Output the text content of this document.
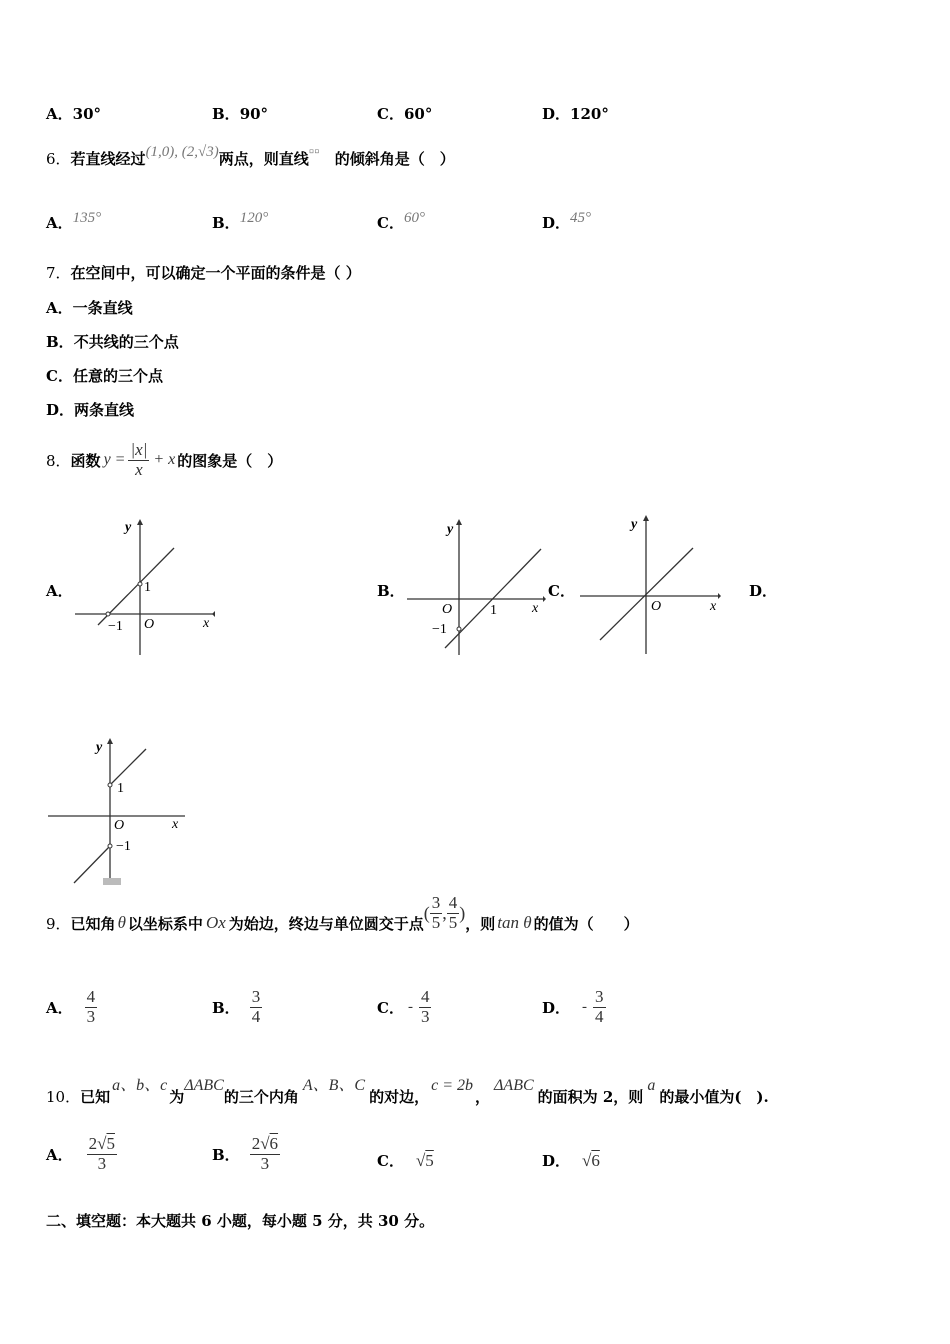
A．30°	B．90°	C．60°	D．120°
6．若直线经过(1,0), (2,√3)两点，则直线▫▫ 的倾斜角是（　）
A．135°	B．120°	C．60°	D．45°
7．在空间中，可以确定一个平面的条件是（ ）
A．一条直线
B．不共线的三个点
C．任意的三个点
D．两条直线
8． 函数 $y = \frac{|x|}{x} + x$ 的图象是（　）
A．	B．	C．	D．
y
x
O
1
−1
y
x
O	1
−1
y
x
O
y
x
O
1
−1
9． 已知角 θ 以坐标系中 Ox 为始边，终边与单位圆交于点
( $\frac{3}{5}$ , $\frac{4}{5}$ )
，则 tan θ 的值为（　　）
A． $\frac{4}{3}$	B． $\frac{3}{4}$	C． - $\frac{4}{3}$	D． - $\frac{3}{4}$
10． 已知
a、b、c
为
ΔABC
的三个内角
A、B、C
的对边，
c = 2b
，
ΔABC
的面积为 2，则
a
的最小值为(　).
A． $\frac{2√5}{3}$	B． $\frac{2√6}{3}$	C． √5	D． √6
二、填空题：本大题共 6 小题，每小题 5 分，共 30 分。
